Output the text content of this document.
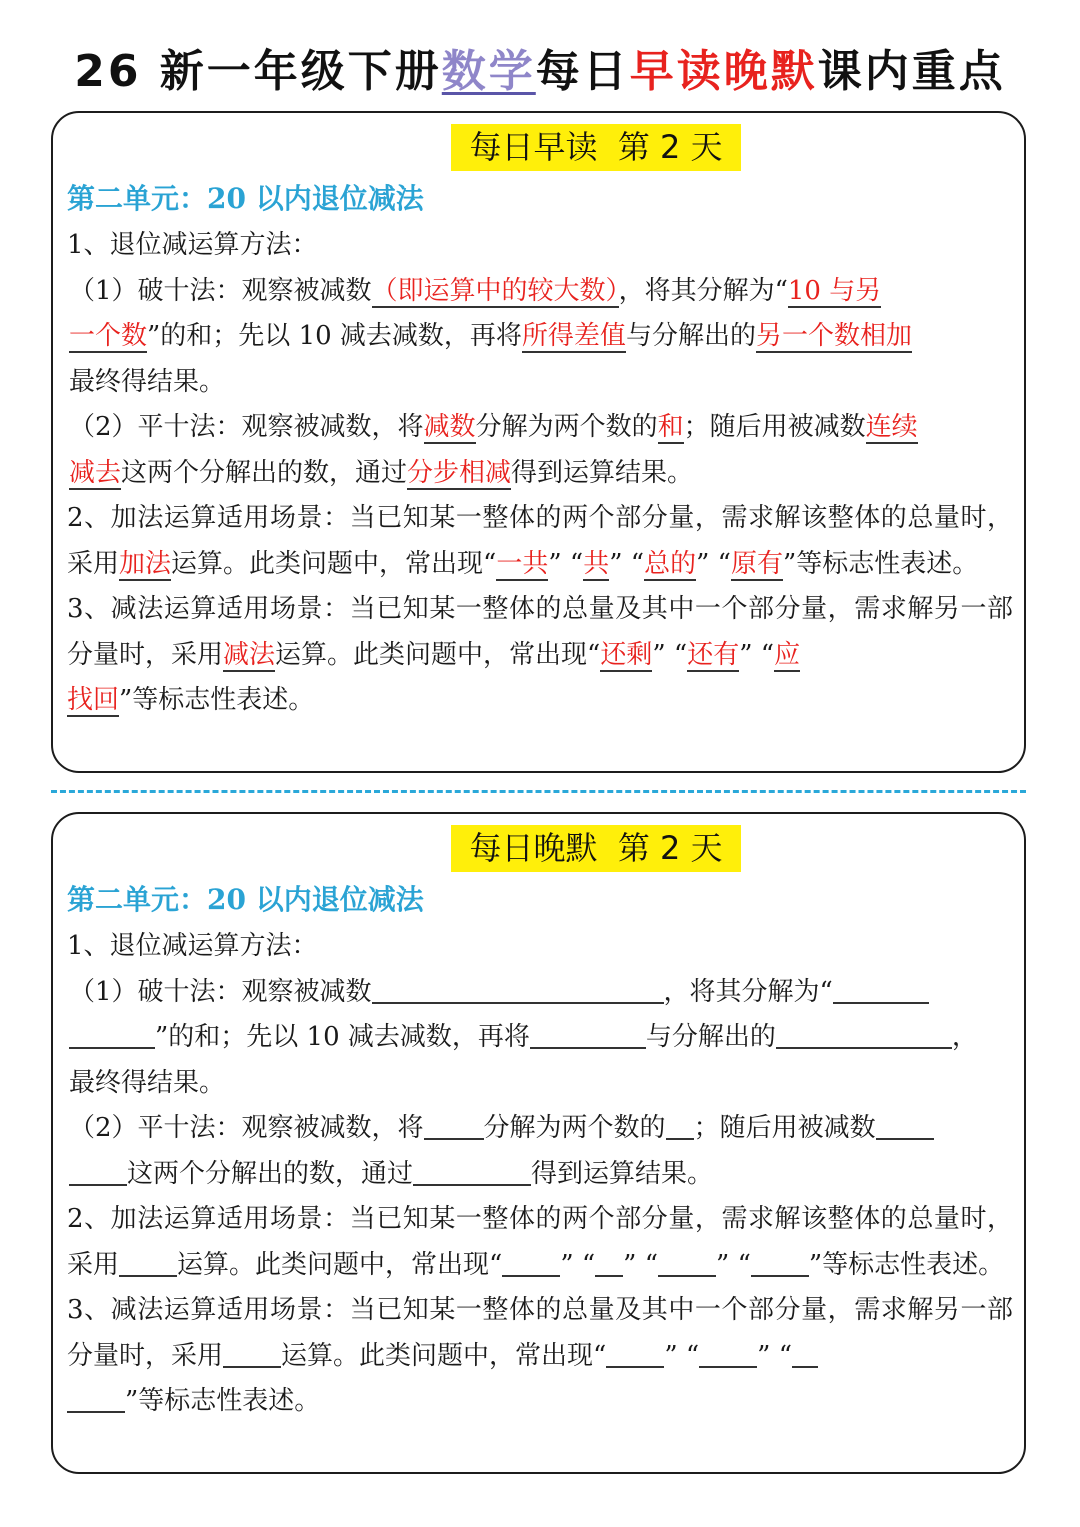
26 新一年级下册数学每日早读晚默课内重点
每日早读  第 2 天
第二单元：20 以内退位减法

1、退位减运算方法：

（1）破十法：观察被减数（即运算中的较大数），将其分解为“10 与另
一个数”的和；先以 10 减去减数，再将所得差值与分解出的另一个数相加
最终得结果。

（2）平十法：观察被减数，将减数分解为两个数的和；随后用被减数连续
减去这两个分解出的数，通过分步相减得到运算结果。

2、加法运算适用场景：当已知某一整体的两个部分量，需求解该整体的总量时，采用加法运算。此类问题中，常出现“一共” “共” “总的” “原有”等标志性表述。

3、减法运算适用场景：当已知某一整体的总量及其中一个部分量，需求解另一部分量时，采用减法运算。此类问题中，常出现“还剩” “还有” “应
找回”等标志性表述。

每日晚默  第 2 天
第二单元：20 以内退位减法

1、退位减运算方法：

（1）破十法：观察被减数	，将其分解为“
”的和；先以 10 减去减数，再将	与分解出的	，
最终得结果。

（2）平十法：观察被减数，将 分解为两个数的 ；随后用被减数
这两个分解出的数，通过	得到运算结果。

2、加法运算适用场景：当已知某一整体的两个部分量，需求解该整体的总量时，采用 运算。此类问题中，常出现“ ” “ ” “ ” “ ”等标志性表述。

3、减法运算适用场景：当已知某一整体的总量及其中一个部分量，需求解另一部分量时，采用 运算。此类问题中，常出现“ ” “ ” “
”等标志性表述。
